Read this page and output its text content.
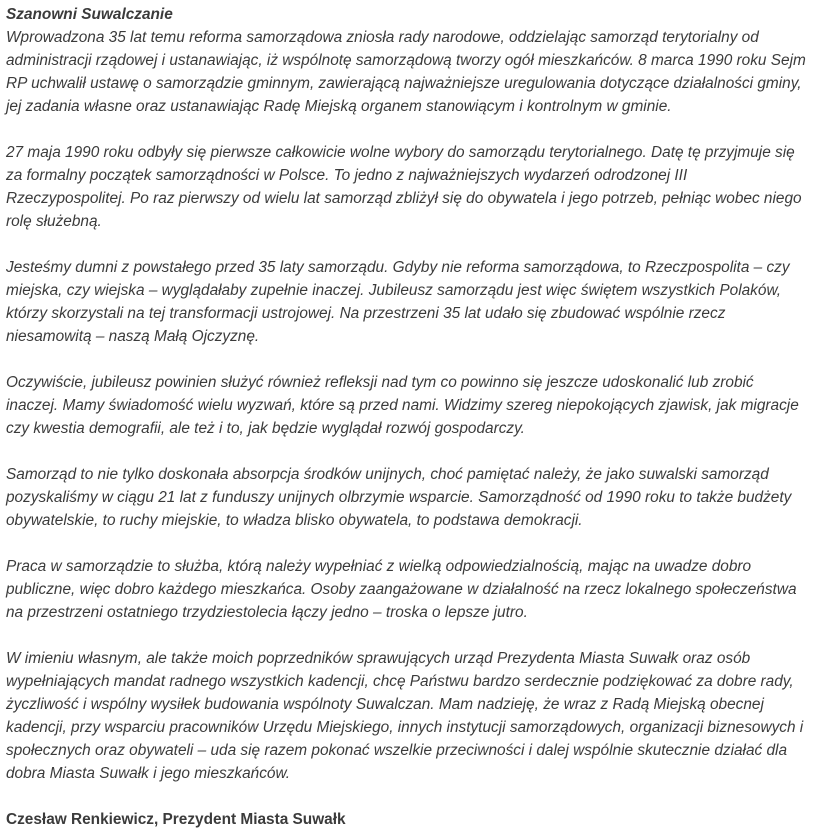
Szanowni Suwalczanie

Wprowadzona 35 lat temu reforma samorządowa zniosła rady narodowe, oddzielając samorząd terytorialny od administracji rządowej i ustanawiając, iż wspólnotę samorządową tworzy ogół mieszkańców. 8 marca 1990 roku Sejm RP uchwalił ustawę o samorządzie gminnym, zawierającą najważniejsze uregulowania dotyczące działalności gminy, jej zadania własne oraz ustanawiając Radę Miejską organem stanowiącym i kontrolnym w gminie.

27 maja 1990 roku odbyły się pierwsze całkowicie wolne wybory do samorządu terytorialnego. Datę tę przyjmuje się za formalny początek samorządności w Polsce. To jedno z najważniejszych wydarzeń odrodzonej III Rzeczypospolitej. Po raz pierwszy od wielu lat samorząd zbliżył się do obywatela i jego potrzeb, pełniąc wobec niego rolę służebną.

Jesteśmy dumni z powstałego przed 35 laty samorządu. Gdyby nie reforma samorządowa, to Rzeczpospolita – czy miejska, czy wiejska – wyglądałaby zupełnie inaczej. Jubileusz samorządu jest więc świętem wszystkich Polaków, którzy skorzystali na tej transformacji ustrojowej. Na przestrzeni 35 lat udało się zbudować wspólnie rzecz niesamowitą – naszą Małą Ojczyznę.

Oczywiście, jubileusz powinien służyć również refleksji nad tym co powinno się jeszcze udoskonalić lub zrobić inaczej. Mamy świadomość wielu wyzwań, które są przed nami. Widzimy szereg niepokojących zjawisk, jak migracje czy kwestia demografii, ale też i to, jak będzie wyglądał rozwój gospodarczy.

Samorząd to nie tylko doskonała absorpcja środków unijnych, choć pamiętać należy, że jako suwalski samorząd pozyskaliśmy w ciągu 21 lat z funduszy unijnych olbrzymie wsparcie. Samorządność od 1990 roku to także budżety obywatelskie, to ruchy miejskie, to władza blisko obywatela, to podstawa demokracji.

Praca w samorządzie to służba, którą należy wypełniać z wielką odpowiedzialnością, mając na uwadze dobro publiczne, więc dobro każdego mieszkańca. Osoby zaangażowane w działalność na rzecz lokalnego społeczeństwa na przestrzeni ostatniego trzydziestolecia łączy jedno – troska o lepsze jutro.

W imieniu własnym, ale także moich poprzedników sprawujących urząd Prezydenta Miasta Suwałk oraz osób wypełniających mandat radnego wszystkich kadencji, chcę Państwu bardzo serdecznie podziękować za dobre rady, życzliwość i wspólny wysiłek budowania wspólnoty Suwalczan. Mam nadzieję, że wraz z Radą Miejską obecnej kadencji, przy wsparciu pracowników Urzędu Miejskiego, innych instytucji samorządowych, organizacji biznesowych i społecznych oraz obywateli – uda się razem pokonać wszelkie przeciwności i dalej wspólnie skutecznie działać dla dobra Miasta Suwałk i jego mieszkańców.

Czesław Renkiewicz, Prezydent Miasta Suwałk
